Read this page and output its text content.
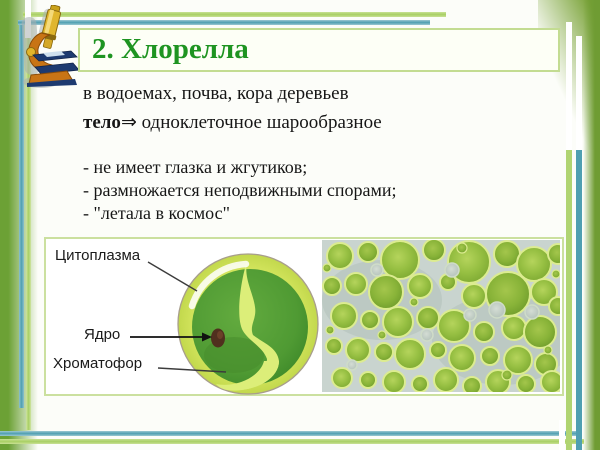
2. Хлорелла
в водоемах, почва, кора деревьев
тело⇒ одноклеточное шарообразное
- не имеет глазка и жгутиков;
- размножается неподвижными спорами;
- "летала в космос"
Цитоплазма
Ядро
Хроматофор
